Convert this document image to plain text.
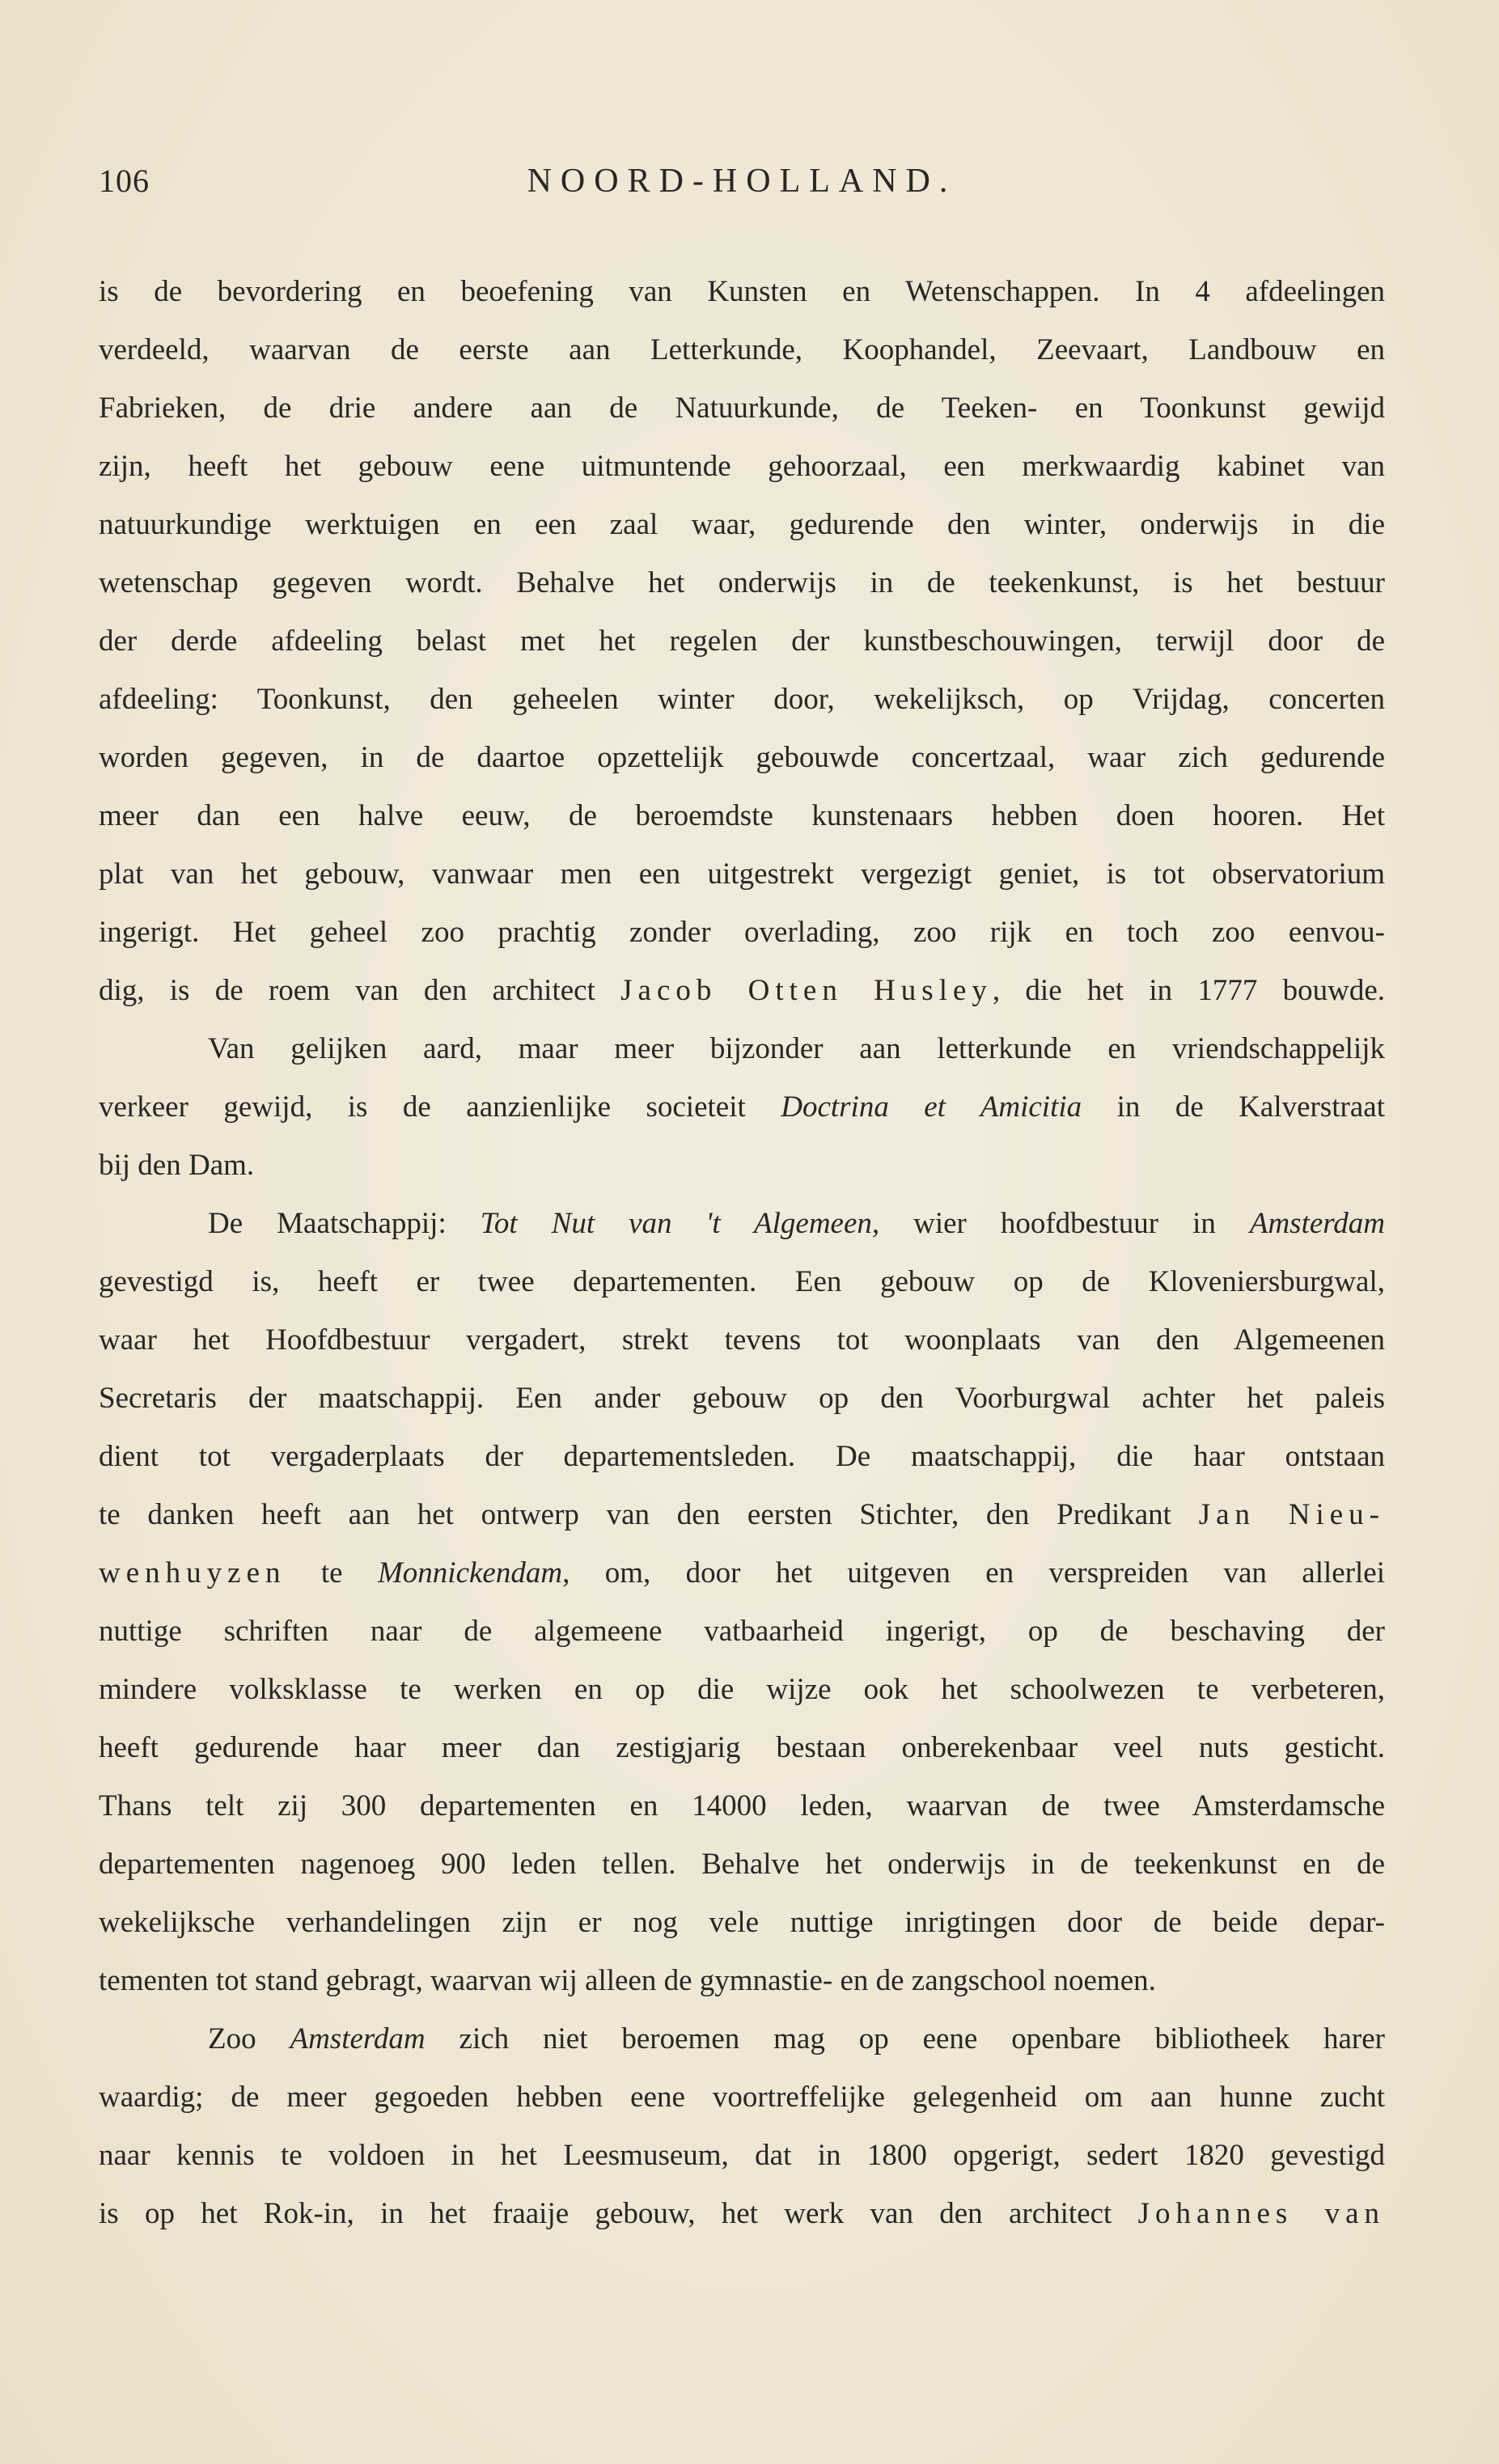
106	NOORD-HOLLAND.
is de bevordering en beoefening van Kunsten en Wetenschappen. In 4 afdeelingen
verdeeld, waarvan de eerste aan Letterkunde, Koophandel, Zeevaart, Landbouw en
Fabrieken, de drie andere aan de Natuurkunde, de Teeken- en Toonkunst gewijd
zijn, heeft het gebouw eene uitmuntende gehoorzaal, een merkwaardig kabinet van
natuurkundige werktuigen en een zaal waar, gedurende den winter, onderwijs in die
wetenschap gegeven wordt. Behalve het onderwijs in de teekenkunst, is het bestuur
der derde afdeeling belast met het regelen der kunstbeschouwingen, terwijl door de
afdeeling: Toonkunst, den geheelen winter door, wekelijksch, op Vrijdag, concerten
worden gegeven, in de daartoe opzettelijk gebouwde concertzaal, waar zich gedurende
meer dan een halve eeuw, de beroemdste kunstenaars hebben doen hooren. Het
plat van het gebouw, vanwaar men een uitgestrekt vergezigt geniet, is tot observatorium
ingerigt. Het geheel zoo prachtig zonder overlading, zoo rijk en toch zoo eenvou-
dig, is de roem van den architect Jacob Otten Husley, die het in 1777 bouwde.
Van gelijken aard, maar meer bijzonder aan letterkunde en vriendschappelijk
verkeer gewijd, is de aanzienlijke societeit Doctrina et Amicitia in de Kalverstraat
bij den Dam.
De Maatschappij: Tot Nut van 't Algemeen, wier hoofdbestuur in Amsterdam
gevestigd is, heeft er twee departementen. Een gebouw op de Kloveniersburgwal,
waar het Hoofdbestuur vergadert, strekt tevens tot woonplaats van den Algemeenen
Secretaris der maatschappij. Een ander gebouw op den Voorburgwal achter het paleis
dient tot vergaderplaats der departementsleden. De maatschappij, die haar ontstaan
te danken heeft aan het ontwerp van den eersten Stichter, den Predikant Jan Nieu-
wenhuyzen te Monnickendam, om, door het uitgeven en verspreiden van allerlei
nuttige schriften naar de algemeene vatbaarheid ingerigt, op de beschaving der
mindere volksklasse te werken en op die wijze ook het schoolwezen te verbeteren,
heeft gedurende haar meer dan zestigjarig bestaan onberekenbaar veel nuts gesticht.
Thans telt zij 300 departementen en 14000 leden, waarvan de twee Amsterdamsche
departementen nagenoeg 900 leden tellen. Behalve het onderwijs in de teekenkunst en de
wekelijksche verhandelingen zijn er nog vele nuttige inrigtingen door de beide depar-
tementen tot stand gebragt, waarvan wij alleen de gymnastie- en de zangschool noemen.
Zoo Amsterdam zich niet beroemen mag op eene openbare bibliotheek harer
waardig; de meer gegoeden hebben eene voortreffelijke gelegenheid om aan hunne zucht
naar kennis te voldoen in het Leesmuseum, dat in 1800 opgerigt, sedert 1820 gevestigd
is op het Rok-in, in het fraaije gebouw, het werk van den architect Johannes van
